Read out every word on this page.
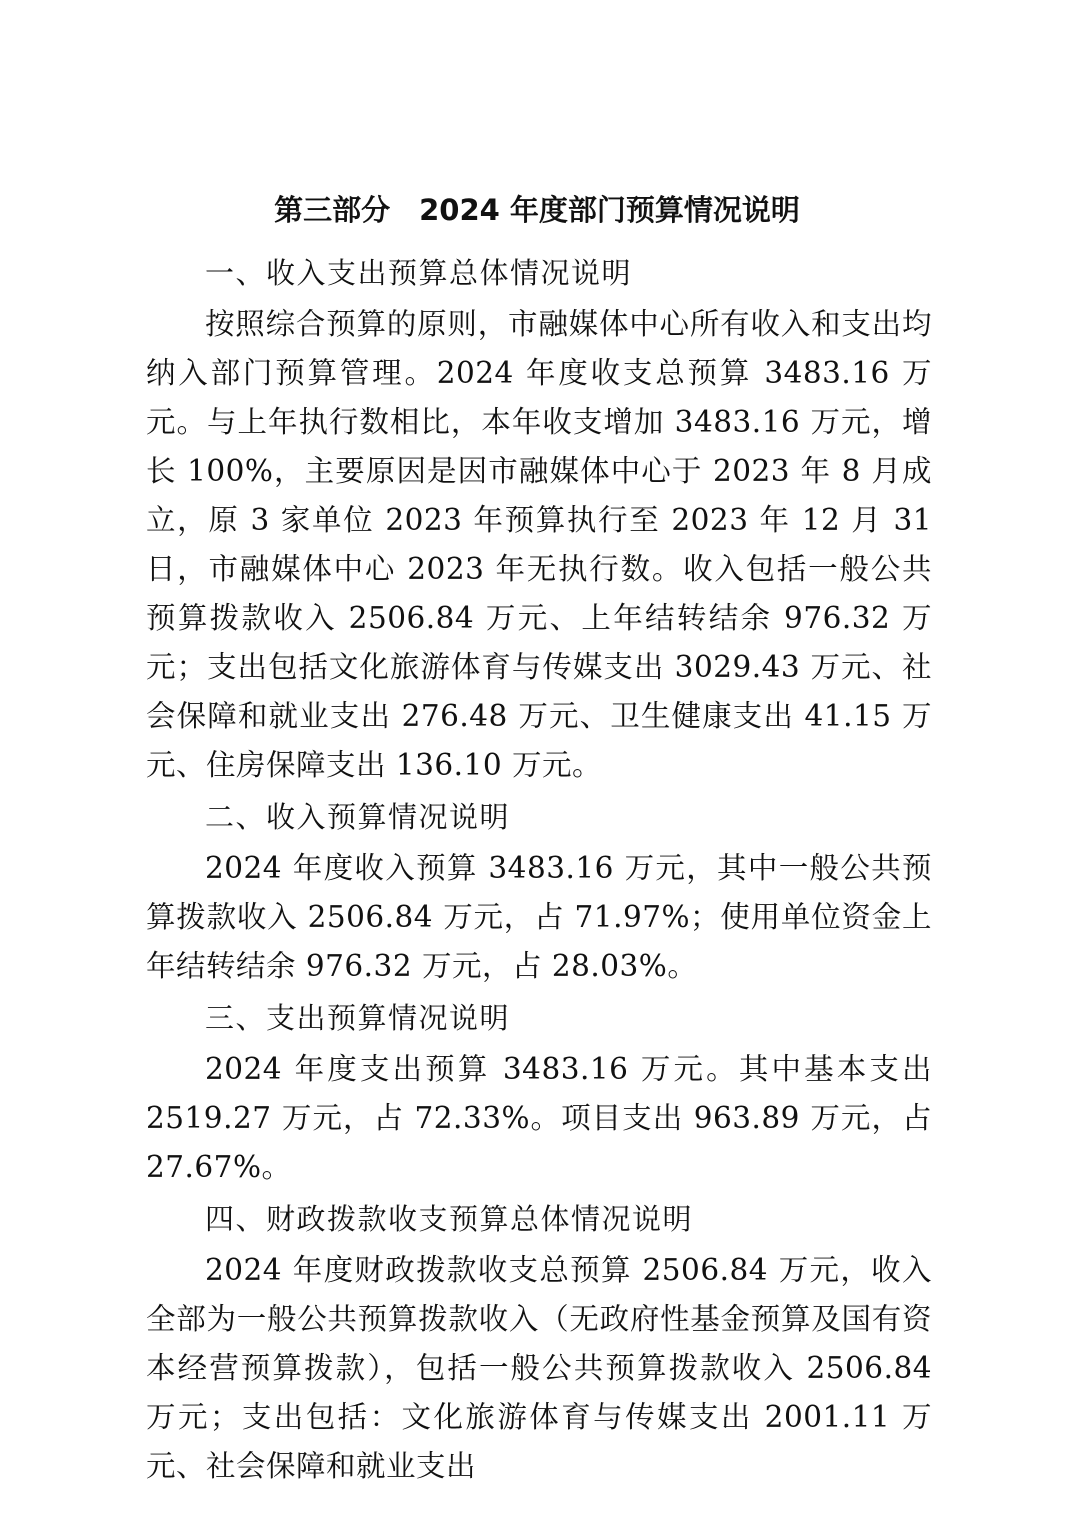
第三部分　2024 年度部门预算情况说明

一、收入支出预算总体情况说明

按照综合预算的原则，市融媒体中心所有收入和支出均纳入部门预算管理。2024 年度收支总预算 3483.16 万元。与上年执行数相比，本年收支增加 3483.16 万元，增长 100%，主要原因是因市融媒体中心于 2023 年 8 月成立，原 3 家单位 2023 年预算执行至 2023 年 12 月 31 日，市融媒体中心 2023 年无执行数。收入包括一般公共预算拨款收入 2506.84 万元、上年结转结余 976.32 万元；支出包括文化旅游体育与传媒支出 3029.43 万元、社会保障和就业支出 276.48 万元、卫生健康支出 41.15 万元、住房保障支出 136.10 万元。

二、收入预算情况说明

2024 年度收入预算 3483.16 万元，其中一般公共预算拨款收入 2506.84 万元，占 71.97%；使用单位资金上年结转结余 976.32 万元，占 28.03%。

三、支出预算情况说明

2024 年度支出预算 3483.16 万元。其中基本支出 2519.27 万元，占 72.33%。项目支出 963.89 万元，占 27.67%。

四、财政拨款收支预算总体情况说明

2024 年度财政拨款收支总预算 2506.84 万元，收入全部为一般公共预算拨款收入（无政府性基金预算及国有资本经营预算拨款），包括一般公共预算拨款收入 2506.84 万元；支出包括：文化旅游体育与传媒支出 2001.11 万元、社会保障和就业支出
